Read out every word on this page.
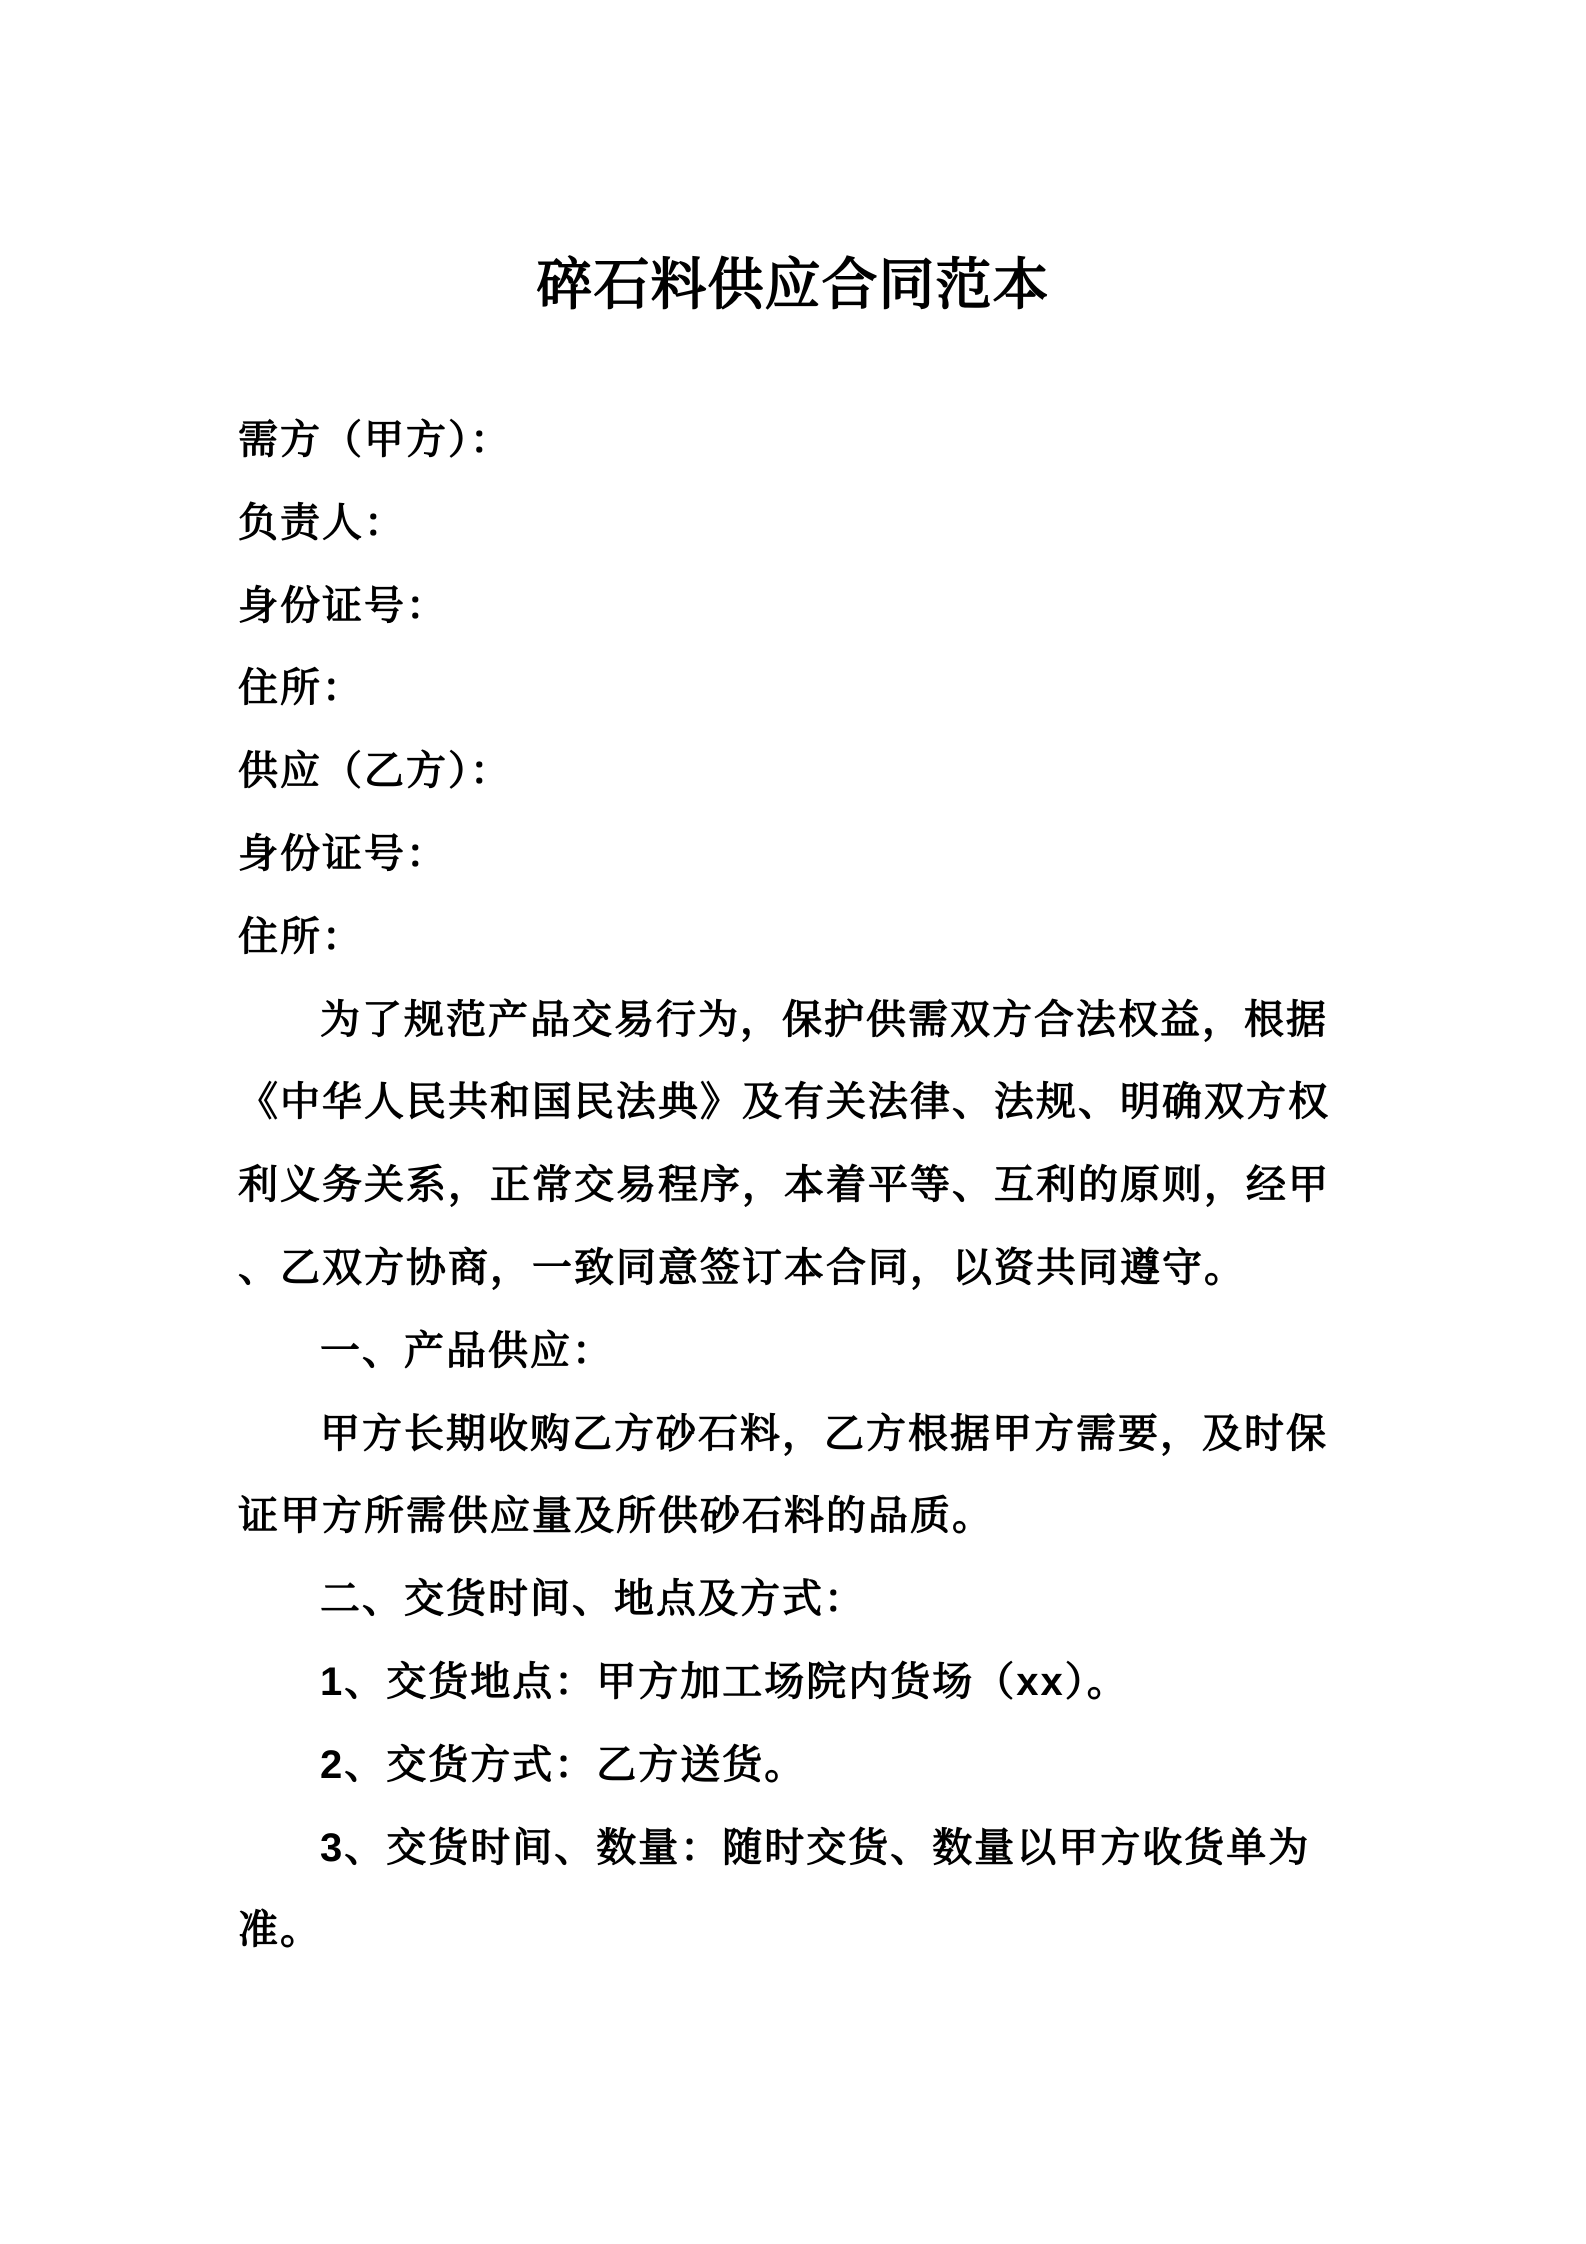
碎石料供应合同范本
需方（甲方）：
负责人：
身份证号：
住所：
供应（乙方）：
身份证号：
住所：
为了规范产品交易行为，保护供需双方合法权益，根据
《中华人民共和国民法典》及有关法律、法规、明确双方权
利义务关系，正常交易程序，本着平等、互利的原则，经甲
、乙双方协商，一致同意签订本合同，以资共同遵守。
一、产品供应：
甲方长期收购乙方砂石料，乙方根据甲方需要，及时保
证甲方所需供应量及所供砂石料的品质。
二、交货时间、地点及方式：
1、交货地点：甲方加工场院内货场（xx）。
2、交货方式：乙方送货。
3、交货时间、数量：随时交货、数量以甲方收货单为
准。
